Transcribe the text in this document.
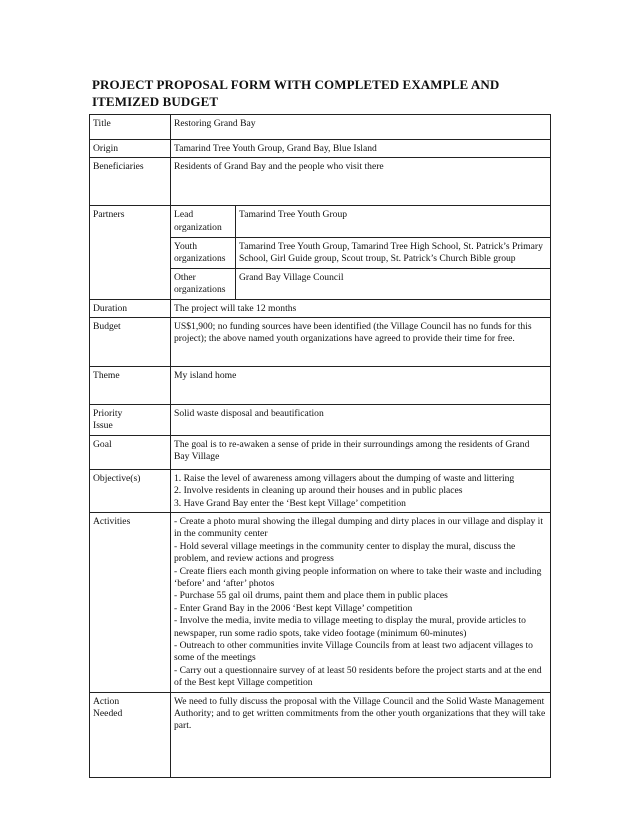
PROJECT PROPOSAL FORM WITH COMPLETED EXAMPLE AND
ITEMIZED BUDGET
Title	Restoring Grand Bay
Origin	Tamarind Tree Youth Group, Grand Bay, Blue Island
Beneficiaries	Residents of Grand Bay and the people who visit there
Partners		Lead
organization	Tamarind Tree Youth Group
Youth
organizations	Tamarind Tree Youth Group, Tamarind Tree High School, St. Patrick’s Primary School, Girl Guide group, Scout troup, St. Patrick’s Church Bible group
Other
organizations	Grand Bay Village Council

Duration	The project will take 12 months
Budget	US$1,900; no funding sources have been identified (the Village Council has no funds for this project); the above named youth organizations have agreed to provide their time for free.
Theme	My island home
Priority
Issue	Solid waste disposal and beautification
Goal	The goal is to re-awaken a sense of pride in their surroundings among the residents of Grand Bay Village
Objective(s)	1. Raise the level of awareness among villagers about the dumping of waste and littering
2. Involve residents in cleaning up around their houses and in public places
3. Have Grand Bay enter the ‘Best kept Village’ competition
Activities	- Create a photo mural showing the illegal dumping and dirty places in our village and display it in the community center
- Hold several village meetings in the community center to display the mural, discuss the problem, and review actions and progress
- Create fliers each month giving people information on where to take their waste and including ‘before’ and ‘after’ photos
- Purchase 55 gal oil drums, paint them and place them in public places
- Enter Grand Bay in the 2006 ‘Best kept Village’ competition
- Involve the media, invite media to village meeting to display the mural, provide articles to newspaper, run some radio spots, take video footage (minimum 60-minutes)
- Outreach to other communities invite Village Councils from at least two adjacent villages to some of the meetings
- Carry out a questionnaire survey of at least 50 residents before the project starts and at the end of the Best kept Village competition
Action
Needed	We need to fully discuss the proposal with the Village Council and the Solid Waste Management Authority; and to get written commitments from the other youth organizations that they will take part.
